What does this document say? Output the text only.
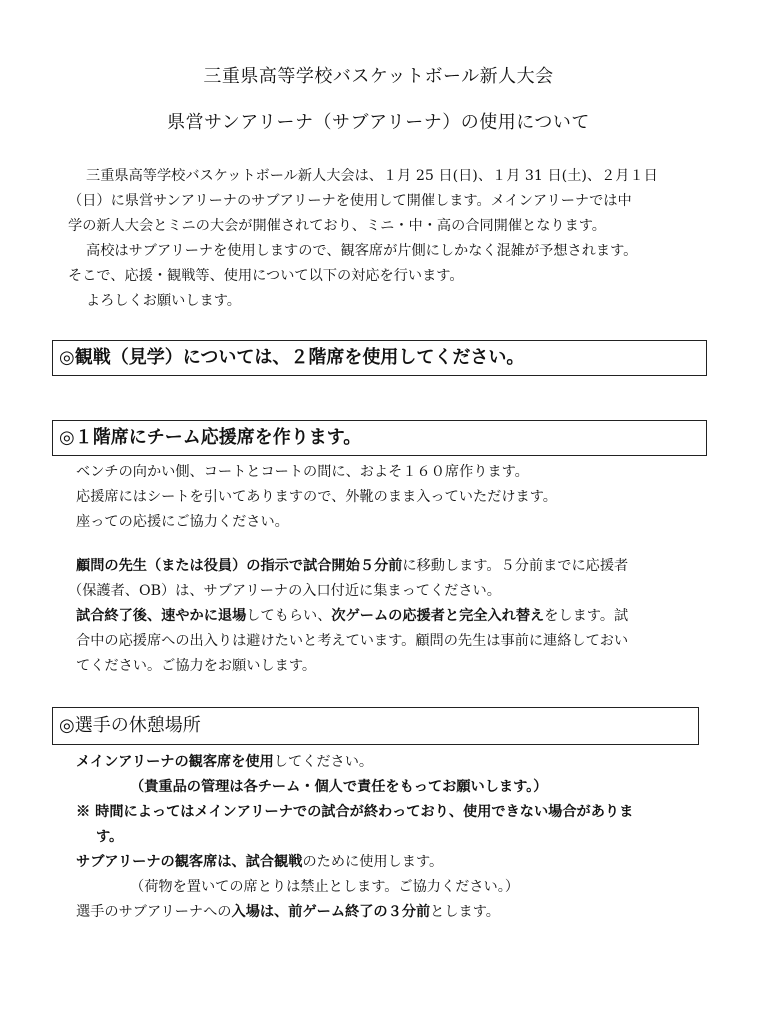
三重県高等学校バスケットボール新人大会
県営サンアリーナ（サブアリーナ）の使用について
三重県高等学校バスケットボール新人大会は、１月 25 日(日)、１月 31 日(土)、２月１日
（日）に県営サンアリーナのサブアリーナを使用して開催します。メインアリーナでは中
学の新人大会とミニの大会が開催されており、ミニ・中・高の合同開催となります。
高校はサブアリーナを使用しますので、観客席が片側にしかなく混雑が予想されます。
そこで、応援・観戦等、使用について以下の対応を行います。
よろしくお願いします。
◎観戦（見学）については、２階席を使用してください。
◎１階席にチーム応援席を作ります。
ベンチの向かい側、コートとコートの間に、およそ１６０席作ります。
応援席にはシートを引いてありますので、外靴のまま入っていただけます。
座っての応援にご協力ください。
顧問の先生（または役員）の指示で試合開始５分前に移動します。５分前までに応援者
（保護者、OB）は、サブアリーナの入口付近に集まってください。
試合終了後、速やかに退場してもらい、次ゲームの応援者と完全入れ替えをします。試
合中の応援席への出入りは避けたいと考えています。顧問の先生は事前に連絡しておい
てください。ご協力をお願いします。
◎選手の休憩場所
メインアリーナの観客席を使用してください。
（貴重品の管理は各チーム・個人で責任をもってお願いします。）
※ 時間によってはメインアリーナでの試合が終わっており、使用できない場合がありま
す。
サブアリーナの観客席は、試合観戦のために使用します。
（荷物を置いての席とりは禁止とします。ご協力ください。）
選手のサブアリーナへの入場は、前ゲーム終了の３分前とします。
